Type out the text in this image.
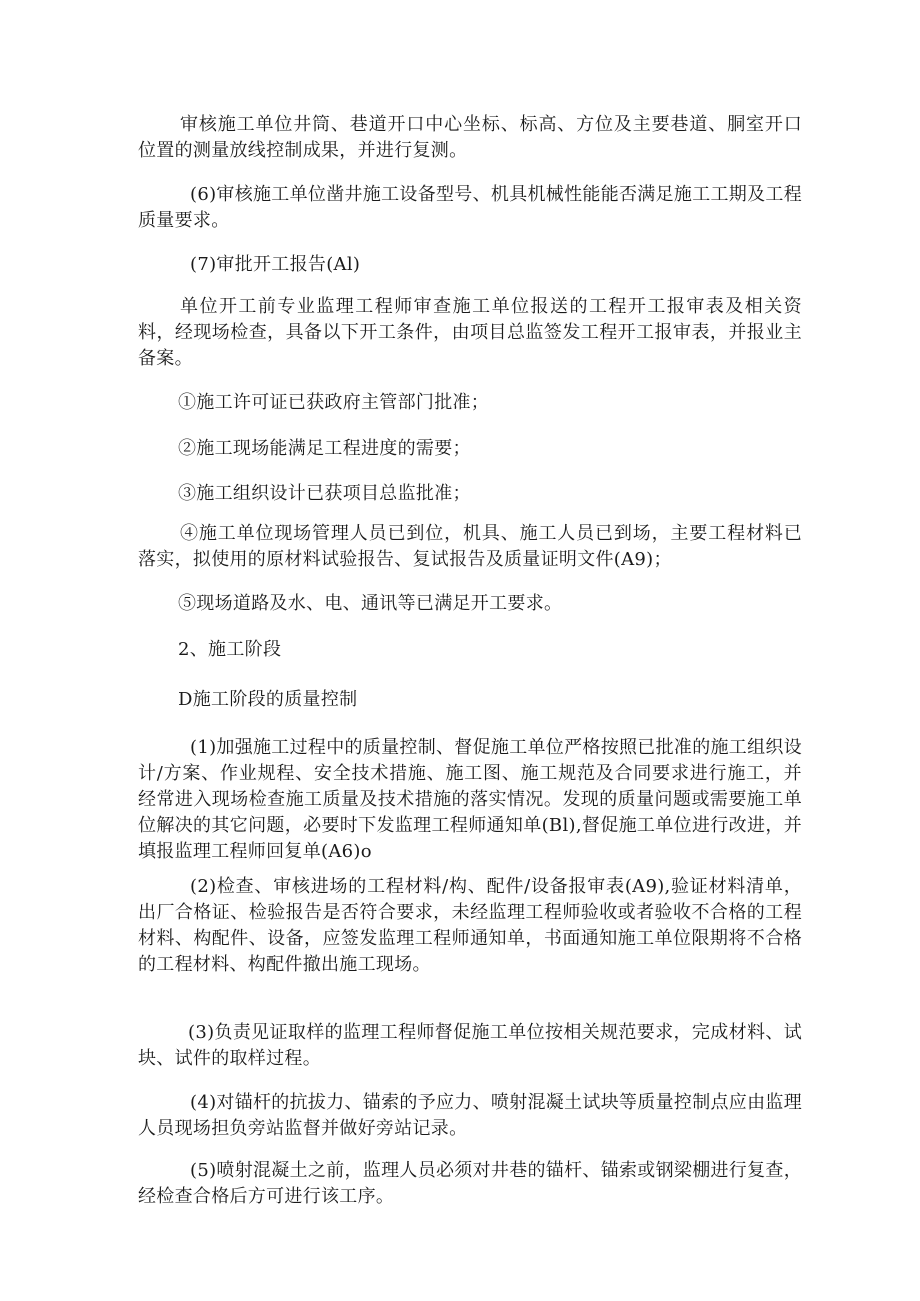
审核施工单位井筒、巷道开口中心坐标、标高、方位及主要巷道、胴室开口位置的测量放线控制成果，并进行复测。

(6)审核施工单位凿井施工设备型号、机具机械性能能否满足施工工期及工程质量要求。

(7)审批开工报告(Al)

单位开工前专业监理工程师审查施工单位报送的工程开工报审表及相关资料，经现场检查，具备以下开工条件，由项目总监签发工程开工报审表，并报业主备案。

①施工许可证已获政府主管部门批准；

②施工现场能满足工程进度的需要；

③施工组织设计已获项目总监批准；

④施工单位现场管理人员已到位，机具、施工人员已到场，主要工程材料已落实，拟使用的原材料试验报告、复试报告及质量证明文件(A9)；

⑤现场道路及水、电、通讯等已满足开工要求。

2、施工阶段

D施工阶段的质量控制

(1)加强施工过程中的质量控制、督促施工单位严格按照已批准的施工组织设计/方案、作业规程、安全技术措施、施工图、施工规范及合同要求进行施工，并经常进入现场检查施工质量及技术措施的落实情况。发现的质量问题或需要施工单位解决的其它问题，必要时下发监理工程师通知单(Bl),督促施工单位进行改进，并填报监理工程师回复单(A6)o

(2)检查、审核进场的工程材料/构、配件/设备报审表(A9),验证材料清单，出厂合格证、检验报告是否符合要求，未经监理工程师验收或者验收不合格的工程材料、构配件、设备，应签发监理工程师通知单，书面通知施工单位限期将不合格的工程材料、构配件撤出施工现场。

(3)负责见证取样的监理工程师督促施工单位按相关规范要求，完成材料、试块、试件的取样过程。

(4)对锚杆的抗拔力、锚索的予应力、喷射混凝土试块等质量控制点应由监理人员现场担负旁站监督并做好旁站记录。

(5)喷射混凝土之前，监理人员必须对井巷的锚杆、锚索或钢梁棚进行复查，经检查合格后方可进行该工序。
